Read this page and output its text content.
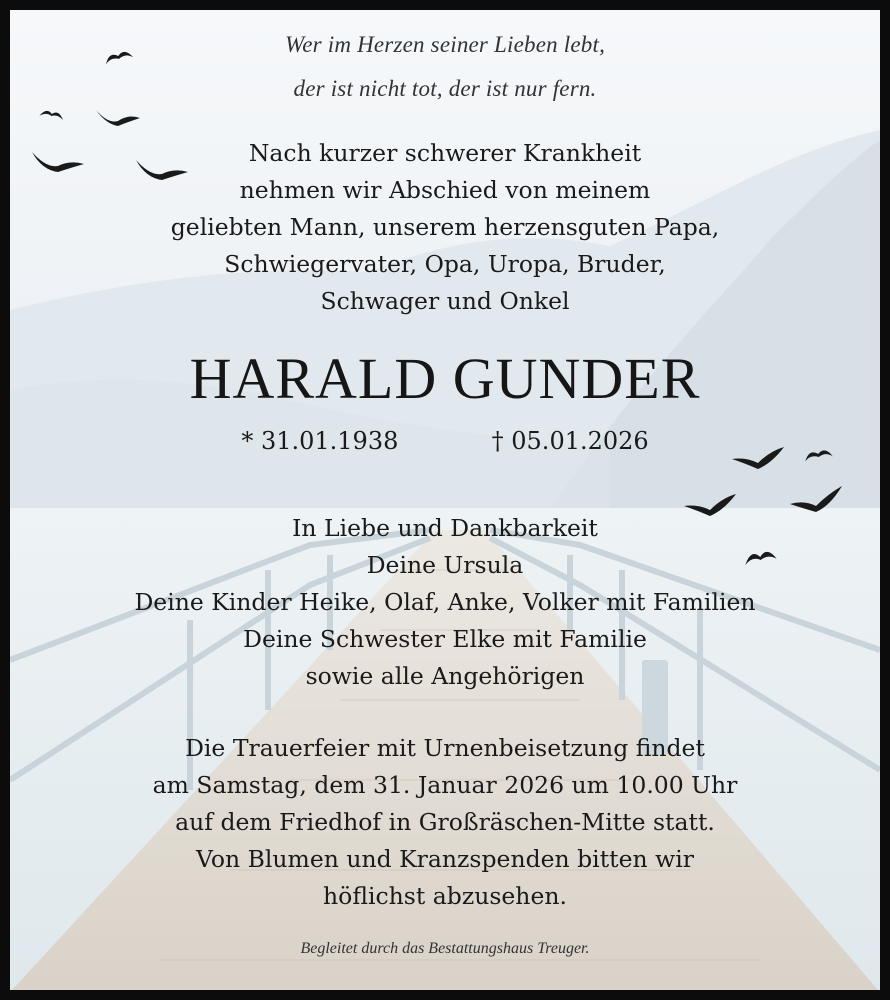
Wer im Herzen seiner Lieben lebt,
der ist nicht tot, der ist nur fern.
Nach kurzer schwerer Krankheit
nehmen wir Abschied von meinem
geliebten Mann, unserem herzensguten Papa,
Schwiegervater, Opa, Uropa, Bruder,
Schwager und Onkel
HARALD GUNDER
* 31.01.1938	† 05.01.2026
In Liebe und Dankbarkeit
Deine Ursula
Deine Kinder Heike, Olaf, Anke, Volker mit Familien
Deine Schwester Elke mit Familie
sowie alle Angehörigen
Die Trauerfeier mit Urnenbeisetzung findet
am Samstag, dem 31. Januar 2026 um 10.00 Uhr
auf dem Friedhof in Großräschen-Mitte statt.
Von Blumen und Kranzspenden bitten wir
höflichst abzusehen.
Begleitet durch das Bestattungshaus Treuger.
